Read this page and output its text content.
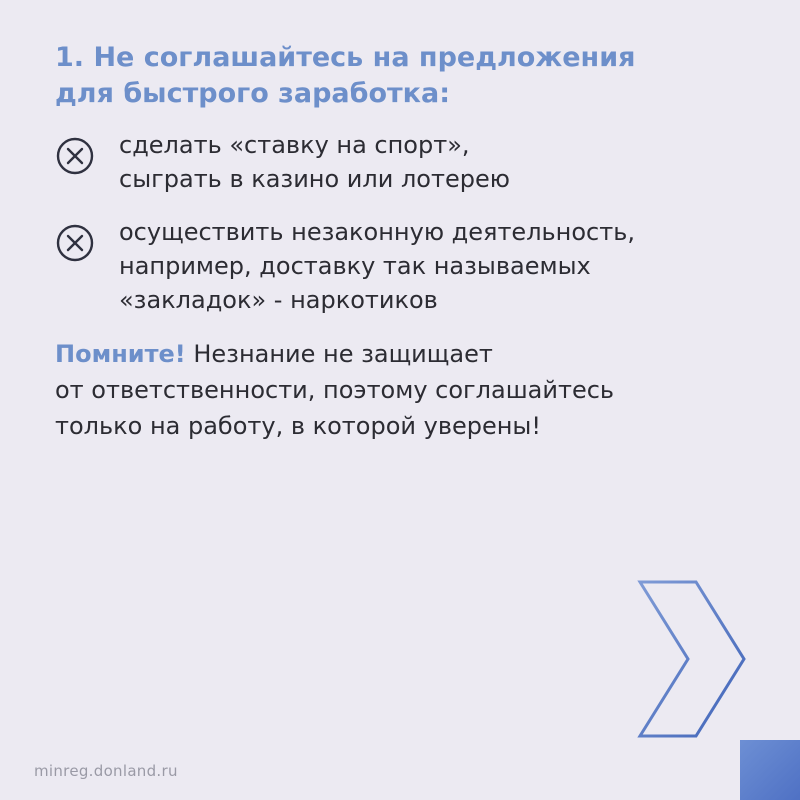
1. Не соглашайтесь на предложения
для быстрого заработка:
сделать «ставку на спорт»,
сыграть в казино или лотерею
осуществить незаконную деятельность,
например, доставку так называемых
«закладок» - наркотиков
Помните! Незнание не защищает
от ответственности, поэтому соглашайтесь
только на работу, в которой уверены!
minreg.donland.ru
